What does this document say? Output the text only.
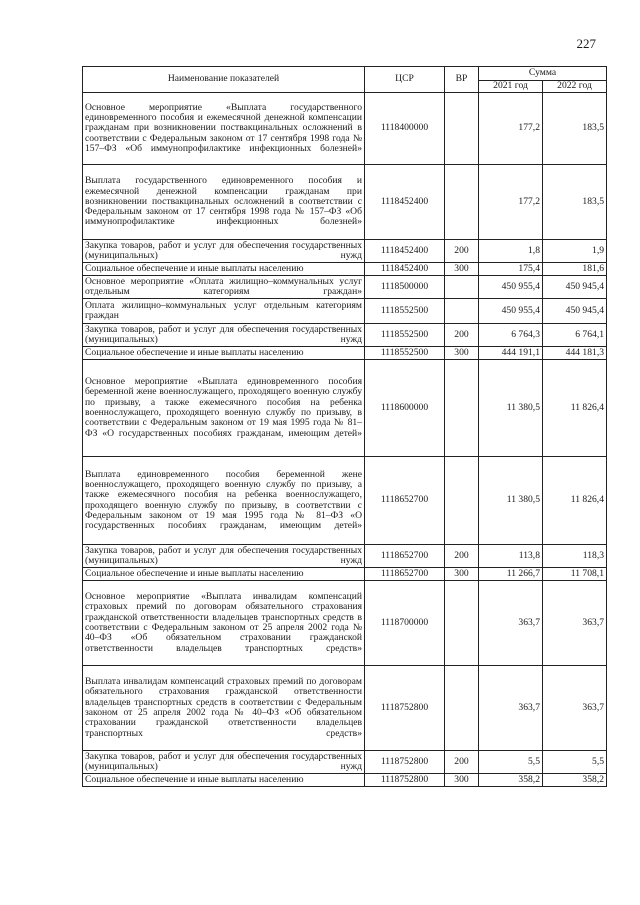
227
Наименование показателей	ЦСР	ВР	Сумма	
			2021 год	2022 год
Основное мероприятие «Выплата государственного единовременного пособия и ежемесячной денежной компенсации гражданам при возникновении поствакцинальных осложнений в соответствии с Федеральным законом от 17 сентября 1998 года № 157–ФЗ «Об иммунопрофилактике инфекционных болезней»	1118400000		177,2	183,5
Выплата государственного единовременного пособия и ежемесячной денежной компенсации гражданам при возникновении поствакцинальных осложнений в соответствии с Федеральным законом от 17 сентября 1998 года № 157–ФЗ «Об иммунопрофилактике инфекционных болезней»	1118452400		177,2	183,5
Закупка товаров, работ и услуг для обеспечения государственных (муниципальных) нужд	1118452400	200	1,8	1,9
Социальное обеспечение и иные выплаты населению	1118452400	300	175,4	181,6
Основное мероприятие «Оплата жилищно–коммунальных услуг отдельным категориям граждан»	1118500000		450 955,4	450 945,4
Оплата жилищно–коммунальных услуг отдельным категориям граждан	1118552500		450 955,4	450 945,4
Закупка товаров, работ и услуг для обеспечения государственных (муниципальных) нужд	1118552500	200	6 764,3	6 764,1
Социальное обеспечение и иные выплаты населению	1118552500	300	444 191,1	444 181,3
Основное мероприятие «Выплата единовременного пособия беременной жене военнослужащего, проходящего военную службу по призыву, а также ежемесячного пособия на ребенка военнослужащего, проходящего военную службу по призыву, в соответствии с Федеральным законом от 19 мая 1995 года № 81–ФЗ «О государственных пособиях гражданам, имеющим детей»	1118600000		11 380,5	11 826,4
Выплата единовременного пособия беременной жене военнослужащего, проходящего военную службу по призыву, а также ежемесячного пособия на ребенка военнослужащего, проходящего военную службу по призыву, в соответствии с Федеральным законом от 19 мая 1995 года № 81–ФЗ «О государственных пособиях гражданам, имеющим детей»	1118652700		11 380,5	11 826,4
Закупка товаров, работ и услуг для обеспечения государственных (муниципальных) нужд	1118652700	200	113,8	118,3
Социальное обеспечение и иные выплаты населению	1118652700	300	11 266,7	11 708,1
Основное мероприятие «Выплата инвалидам компенсаций страховых премий по договорам обязательного страхования гражданской ответственности владельцев транспортных средств в соответствии с Федеральным законом от 25 апреля 2002 года № 40–ФЗ «Об обязательном страховании гражданской ответственности владельцев транспортных средств»	1118700000		363,7	363,7
Выплата инвалидам компенсаций страховых премий по договорам обязательного страхования гражданской ответственности владельцев транспортных средств в соответствии с Федеральным законом от 25 апреля 2002 года № 40–ФЗ «Об обязательном страховании гражданской ответственности владельцев транспортных средств»	1118752800		363,7	363,7
Закупка товаров, работ и услуг для обеспечения государственных (муниципальных) нужд	1118752800	200	5,5	5,5
Социальное обеспечение и иные выплаты населению	1118752800	300	358,2	358,2
